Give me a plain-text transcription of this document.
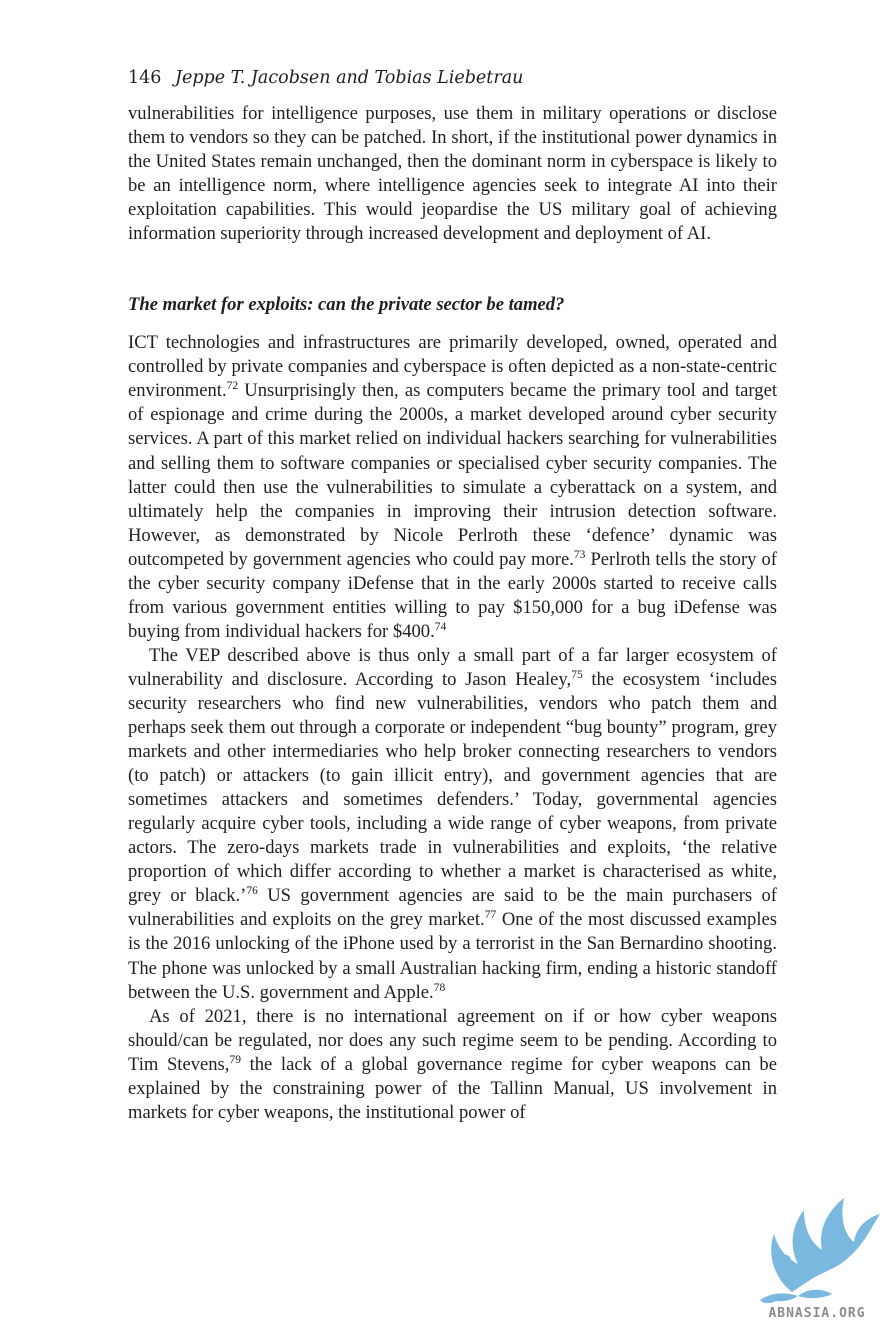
146 Jeppe T. Jacobsen and Tobias Liebetrau

vulnerabilities for intelligence purposes, use them in military operations or disclose them to vendors so they can be patched. In short, if the institutional power dynamics in the United States remain unchanged, then the dominant norm in cyberspace is likely to be an intelligence norm, where intelligence agencies seek to integrate AI into their exploitation capabilities. This would jeopardise the US military goal of achieving information superiority through increased development and deployment of AI.

The market for exploits: can the private sector be tamed?

ICT technologies and infrastructures are primarily developed, owned, operated and controlled by private companies and cyberspace is often depicted as a non-state-centric environment.$^{72}$ Unsurprisingly then, as computers became the primary tool and target of espionage and crime during the 2000s, a market developed around cyber security services. A part of this market relied on individual hackers searching for vulnerabilities and selling them to software companies or specialised cyber security companies. The latter could then use the vulnerabilities to simulate a cyberattack on a system, and ultimately help the companies in improving their intrusion detection software. However, as demonstrated by Nicole Perlroth these ‘defence’ dynamic was outcompeted by government agencies who could pay more.$^{73}$ Perlroth tells the story of the cyber security company iDefense that in the early 2000s started to receive calls from various government entities willing to pay $150,000 for a bug iDefense was buying from individual hackers for $400.74

The VEP described above is thus only a small part of a far larger ecosystem of vulnerability and disclosure. According to Jason Healey,$^{75}$ the ecosystem ‘includes security researchers who find new vulnerabilities, vendors who patch them and perhaps seek them out through a corporate or independent “bug bounty” program, grey markets and other intermediaries who help broker connecting researchers to vendors (to patch) or attackers (to gain illicit entry), and government agencies that are sometimes attackers and sometimes defenders.’ Today, governmental agencies regularly acquire cyber tools, including a wide range of cyber weapons, from private actors. The zero-days markets trade in vulnerabilities and exploits, ‘the relative proportion of which differ according to whether a market is characterised as white, grey or black.’$^{76}$ US government agencies are said to be the main purchasers of vulnerabilities and exploits on the grey market.$^{77}$ One of the most discussed examples is the 2016 unlocking of the iPhone used by a terrorist in the San Bernardino shooting. The phone was unlocked by a small Australian hacking firm, ending a historic standoff between the U.S. government and Apple.$^{78}$

As of 2021, there is no international agreement on if or how cyber weapons should/can be regulated, nor does any such regime seem to be pending. According to Tim Stevens,$^{79}$ the lack of a global governance regime for cyber weapons can be explained by the constraining power of the Tallinn Manual, US involvement in markets for cyber weapons, the institutional power of

ABNASIA.ORG
